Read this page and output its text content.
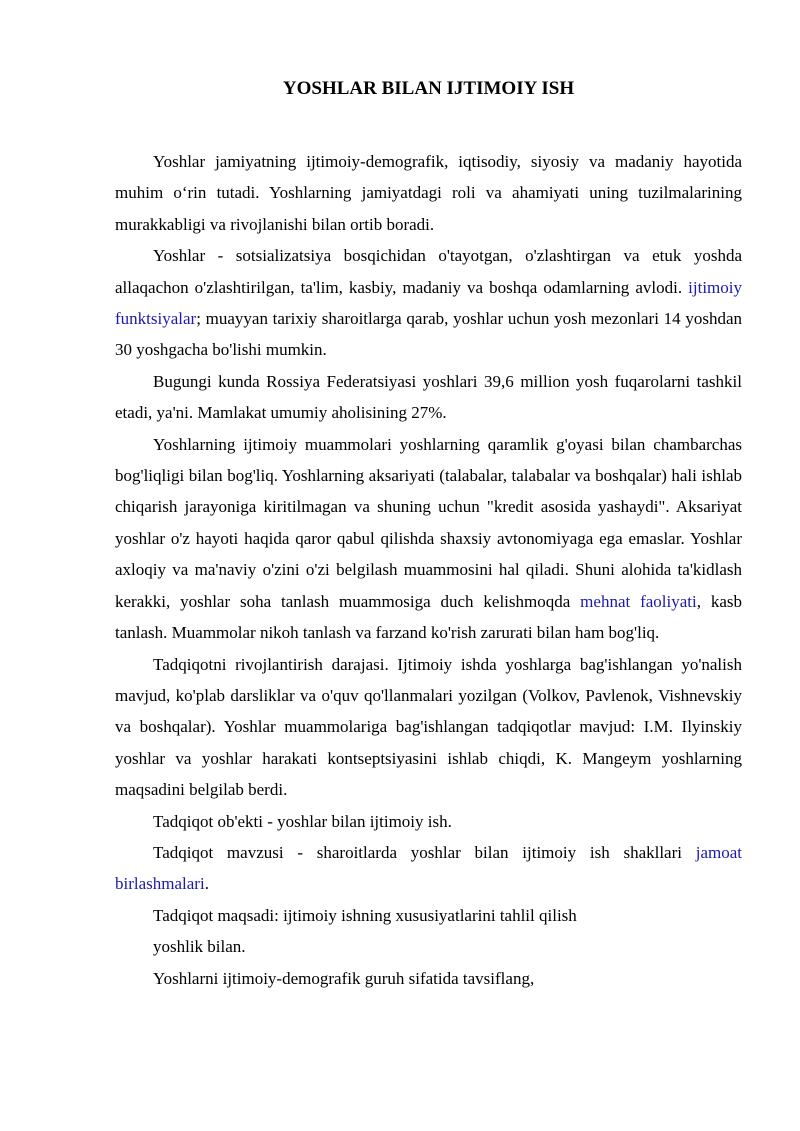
YOSHLAR BILAN IJTIMOIY ISH

Yoshlar jamiyatning ijtimoiy-demografik, iqtisodiy, siyosiy va madaniy hayotida muhim o‘rin tutadi. Yoshlarning jamiyatdagi roli va ahamiyati uning tuzilmalarining murakkabligi va rivojlanishi bilan ortib boradi.

Yoshlar - sotsializatsiya bosqichidan o'tayotgan, o'zlashtirgan va etuk yoshda allaqachon o'zlashtirilgan, ta'lim, kasbiy, madaniy va boshqa odamlarning avlodi. ijtimoiy funktsiyalar; muayyan tarixiy sharoitlarga qarab, yoshlar uchun yosh mezonlari 14 yoshdan 30 yoshgacha bo'lishi mumkin.

Bugungi kunda Rossiya Federatsiyasi yoshlari 39,6 million yosh fuqarolarni tashkil etadi, ya'ni. Mamlakat umumiy aholisining 27%.

Yoshlarning ijtimoiy muammolari yoshlarning qaramlik g'oyasi bilan chambarchas bog'liqligi bilan bog'liq. Yoshlarning aksariyati (talabalar, talabalar va boshqalar) hali ishlab chiqarish jarayoniga kiritilmagan va shuning uchun "kredit asosida yashaydi". Aksariyat yoshlar o'z hayoti haqida qaror qabul qilishda shaxsiy avtonomiyaga ega emaslar. Yoshlar axloqiy va ma'naviy o'zini o'zi belgilash muammosini hal qiladi. Shuni alohida ta'kidlash kerakki, yoshlar soha tanlash muammosiga duch kelishmoqda mehnat faoliyati, kasb tanlash. Muammolar nikoh tanlash va farzand ko'rish zarurati bilan ham bog'liq.

Tadqiqotni rivojlantirish darajasi. Ijtimoiy ishda yoshlarga bag'ishlangan yo'nalish mavjud, ko'plab darsliklar va o'quv qo'llanmalari yozilgan (Volkov, Pavlenok, Vishnevskiy va boshqalar). Yoshlar muammolariga bag'ishlangan tadqiqotlar mavjud: I.M. Ilyinskiy yoshlar va yoshlar harakati kontseptsiyasini ishlab chiqdi, K. Mangeym yoshlarning maqsadini belgilab berdi.

Tadqiqot ob'ekti - yoshlar bilan ijtimoiy ish.

Tadqiqot mavzusi - sharoitlarda yoshlar bilan ijtimoiy ish shakllari jamoat birlashmalari.

Tadqiqot maqsadi: ijtimoiy ishning xususiyatlarini tahlil qilish

yoshlik bilan.

Yoshlarni ijtimoiy-demografik guruh sifatida tavsiflang,
